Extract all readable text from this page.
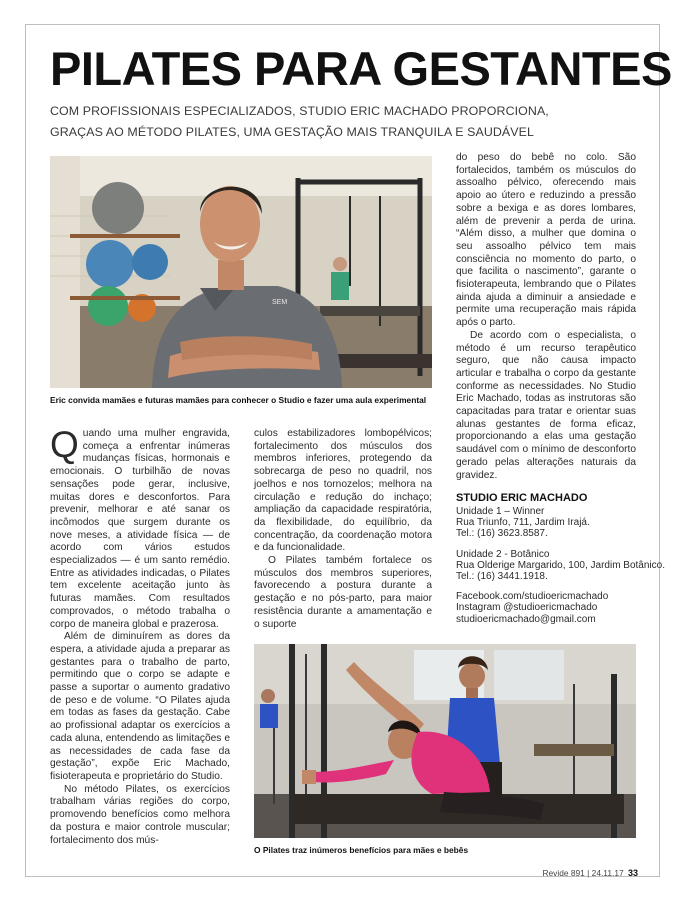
PILATES PARA GESTANTES
COM PROFISSIONAIS ESPECIALIZADOS, STUDIO ERIC MACHADO PROPORCIONA,
GRAÇAS AO MÉTODO PILATES, UMA GESTAÇÃO MAIS TRANQUILA E SAUDÁVEL
SEM
Eric convida mamães e futuras mamães para conhecer o Studio e fazer uma aula experimental

Quando uma mulher engravida, começa a enfrentar inúmeras mudanças físicas, hormonais e emocionais. O turbilhão de novas sensações pode gerar, inclusive, muitas dores e desconfortos. Para prevenir, melhorar e até sanar os incômodos que surgem durante os nove meses, a atividade física — de acordo com vários estudos especializados — é um santo remédio. Entre as atividades indicadas, o Pilates tem excelente aceitação junto às futuras mamães. Com resultados comprovados, o método trabalha o corpo de maneira global e prazerosa.

Além de diminuírem as dores da espera, a atividade ajuda a preparar as gestantes para o trabalho de parto, permitindo que o corpo se adapte e passe a suportar o aumento gradativo de peso e de volume. “O Pilates ajuda em todas as fases da gestação. Cabe ao profissional adaptar os exercícios a cada aluna, entendendo as limitações e as necessidades de cada fase da gestação”, expõe Eric Machado, fisioterapeuta e proprietário do Studio.

No método Pilates, os exercícios trabalham várias regiões do corpo, promovendo benefícios como melhora da postura e maior controle muscular; fortalecimento dos mús-

culos estabilizadores lombopélvicos; fortalecimento dos músculos dos membros inferiores, protegendo da sobrecarga de peso no quadril, nos joelhos e nos tornozelos; melhora na circulação e redução do inchaço; ampliação da capacidade respiratória, da flexibilidade, do equilíbrio, da concentração, da coordenação motora e da funcionalidade.

O Pilates também fortalece os músculos dos membros superiores, favorecendo a postura durante a gestação e no pós-parto, para maior resistência durante a amamentação e o suporte

do peso do bebê no colo. São fortalecidos, também os músculos do assoalho pélvico, oferecendo mais apoio ao útero e reduzindo a pressão sobre a bexiga e as dores lombares, além de prevenir a perda de urina. “Além disso, a mulher que domina o seu assoalho pélvico tem mais consciência no momento do parto, o que facilita o nascimento”, garante o fisioterapeuta, lembrando que o Pilates ainda ajuda a diminuir a ansiedade e permite uma recuperação mais rápida após o parto.

De acordo com o especialista, o método é um recurso terapêutico seguro, que não causa impacto articular e trabalha o corpo da gestante conforme as necessidades. No Studio Eric Machado, todas as instrutoras são capacitadas para tratar e orientar suas alunas gestantes de forma eficaz, proporcionando a elas uma gestação saudável com o mínimo de desconforto gerado pelas alterações naturais da gravidez.

STUDIO ERIC MACHADO
Unidade 1 – Winner
Rua Triunfo, 711, Jardim Irajá.
Tel.: (16) 3623.8587.
Unidade 2 - Botânico
Rua Olderige Margarido, 100, Jardim Botânico.
Tel.: (16) 3441.1918.
Facebook.com/studioericmachado
Instagram @studioericmachado
studioericmachado@gmail.com
O Pilates traz inúmeros benefícios para mães e bebês
Revide 891 | 24.11.17 33
